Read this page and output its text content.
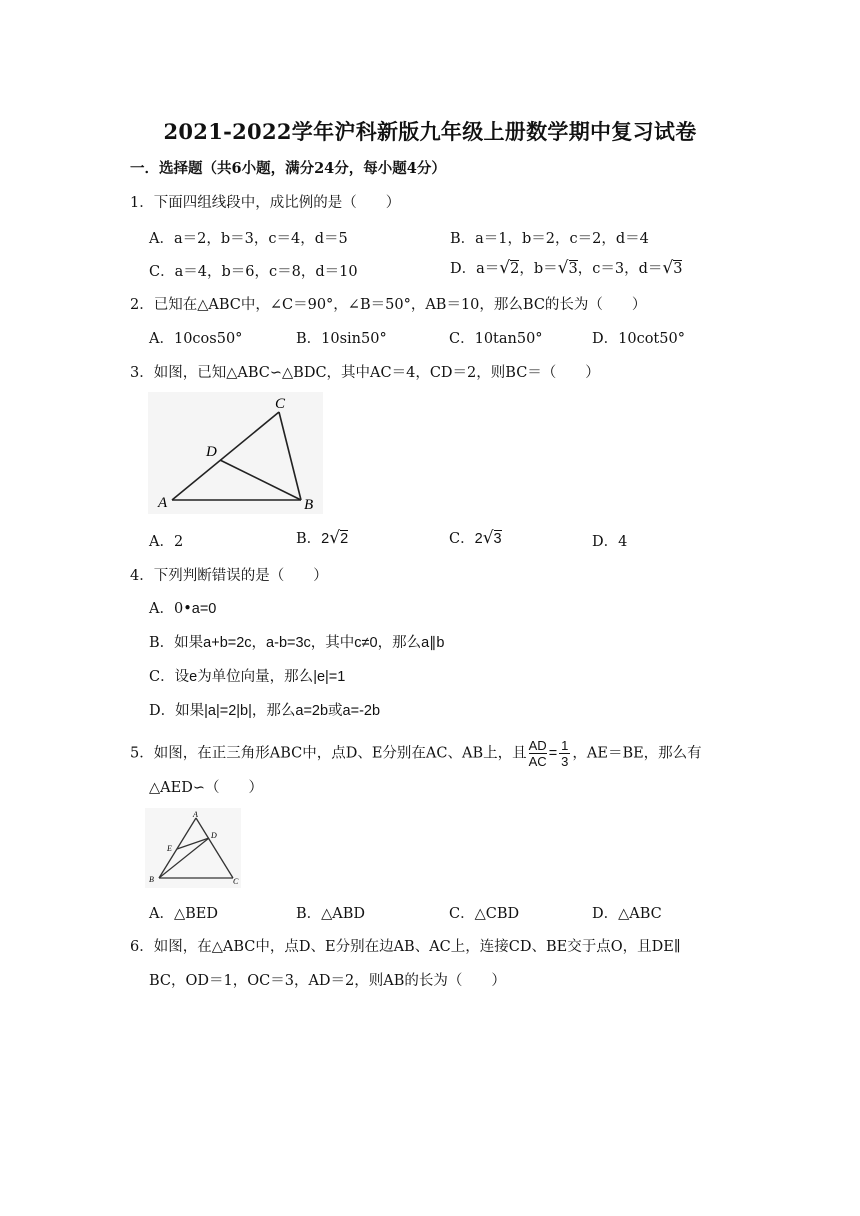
2021-2022学年沪科新版九年级上册数学期中复习试卷
一．选择题（共6小题，满分24分，每小题4分）
1．下面四组线段中，成比例的是（　　）
A．a＝2，b＝3，c＝4，d＝5	B．a＝1，b＝2，c＝2，d＝4
C．a＝4，b＝6，c＝8，d＝10	D．a＝√2，b＝√3，c＝3，d＝√3
2．已知在△ABC中，∠C＝90°，∠B＝50°，AB＝10，那么BC的长为（　　）
A．10cos50°	B．10sin50°	C．10tan50°	D．10cot50°
3．如图，已知△ABC∽△BDC，其中AC＝4，CD＝2，则BC＝（　　）
A	B
C
D
A．2	B．2√2	C．2√3	D．4
4．下列判断错误的是（　　）
A．0•a=0
B．如果a+b=2c，a-b=3c，其中c≠0，那么a∥b
C．设e为单位向量，那么|e|=1
D．如果|a|=2|b|，那么a=2b或a=-2b
5．如图，在正三角形ABC中，点D、E分别在AC、AB上，且 $\frac{AD}{AC} = \frac{1}{3}$ ，AE＝BE，那么有
△AED∽（　　）
A
B	C
D
E
A．△BED	B．△ABD	C．△CBD	D．△ABC
6．如图，在△ABC中，点D、E分别在边AB、AC上，连接CD、BE交于点O，且DE∥
BC，OD＝1，OC＝3，AD＝2，则AB的长为（　　）
